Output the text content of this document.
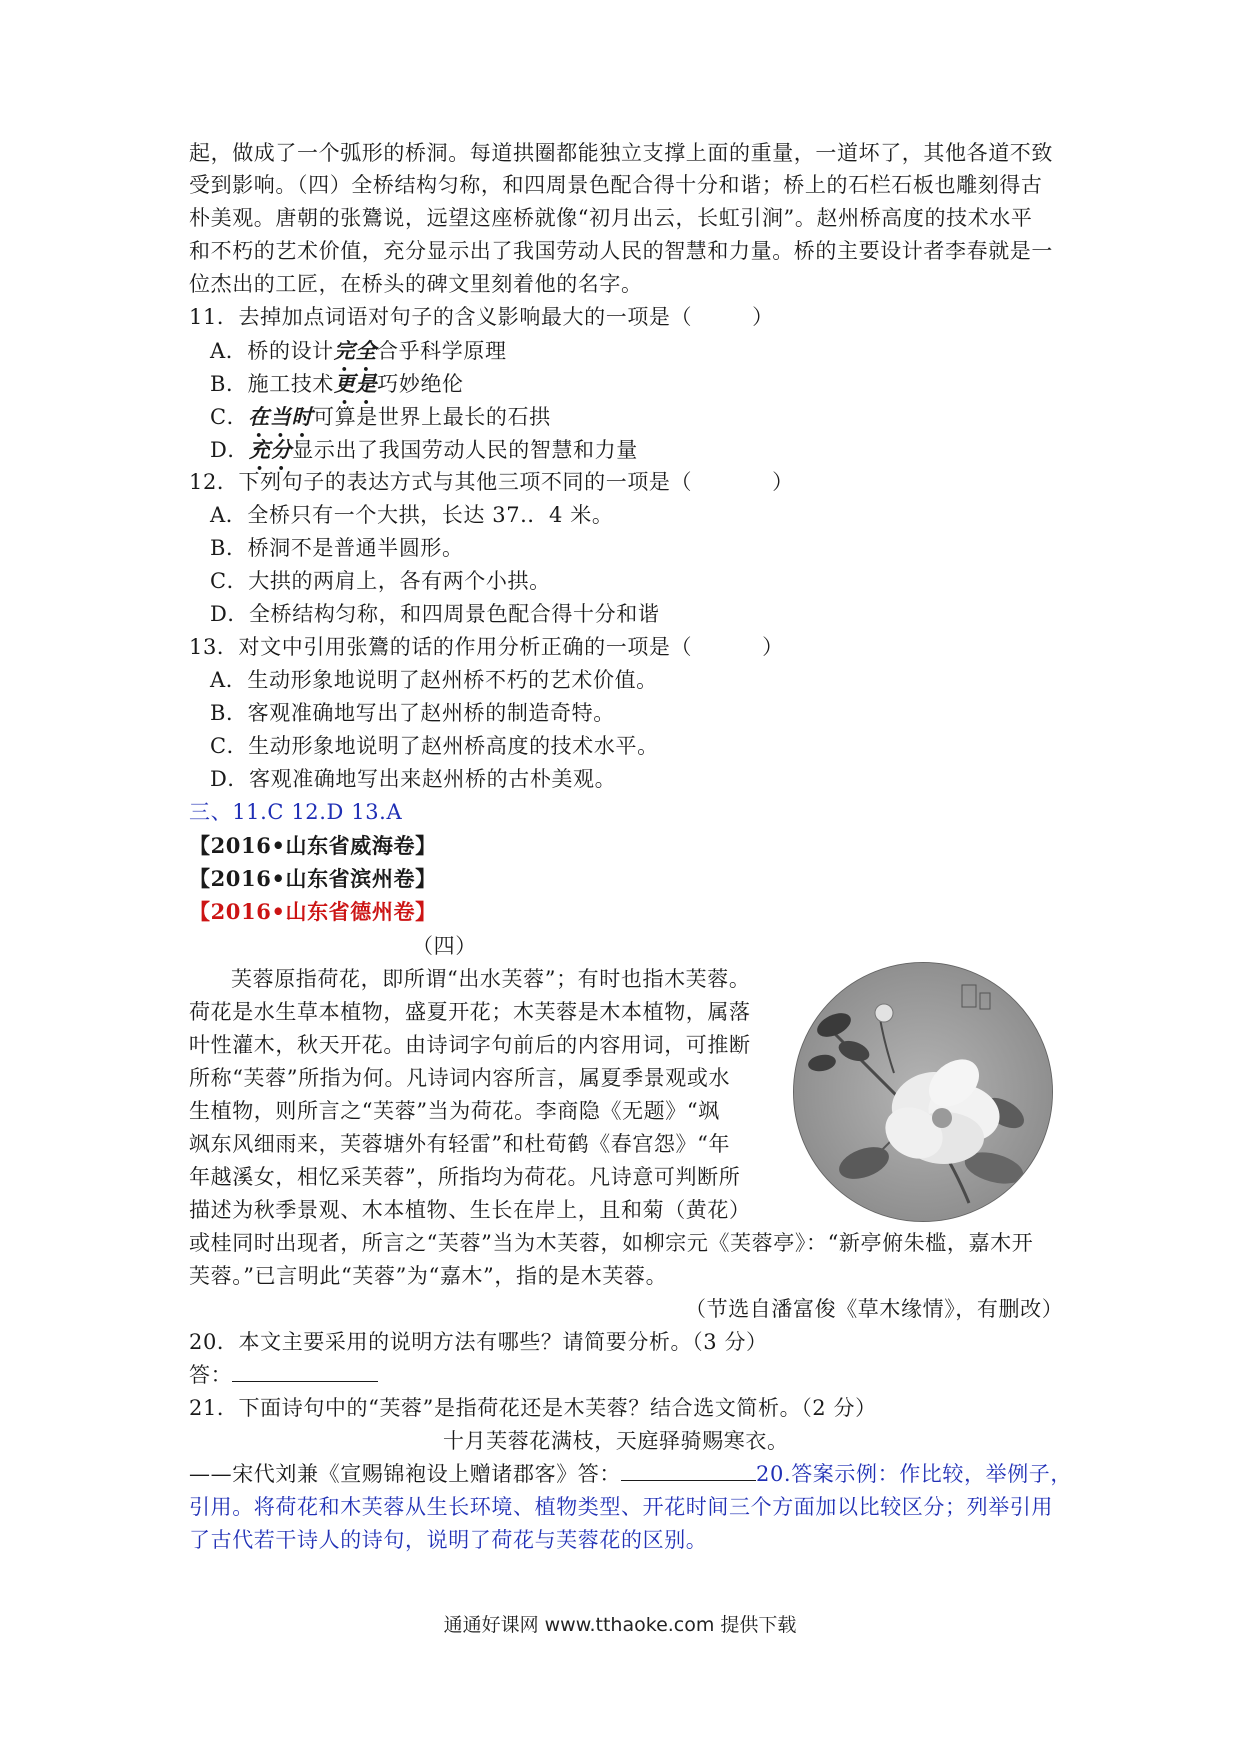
起，做成了一个弧形的桥洞。每道拱圈都能独立支撑上面的重量，一道坏了，其他各道不致
受到影响。（四）全桥结构匀称，和四周景色配合得十分和谐；桥上的石栏石板也雕刻得古
朴美观。唐朝的张鷟说，远望这座桥就像“初月出云，长虹引涧”。赵州桥高度的技术水平
和不朽的艺术价值，充分显示出了我国劳动人民的智慧和力量。桥的主要设计者李春就是一
位杰出的工匠，在桥头的碑文里刻着他的名字。
11．去掉加点词语对句子的含义影响最大的一项是（	）
A．桥的设计完全合乎科学原理
B．施工技术更是巧妙绝伦
C．在当时可算是世界上最长的石拱
D．充分显示出了我国劳动人民的智慧和力量
12．下列句子的表达方式与其他三项不同的一项是（	）
A．全桥只有一个大拱，长达 37.．4 米。
B．桥洞不是普通半圆形。
C．大拱的两肩上，各有两个小拱。
D．全桥结构匀称，和四周景色配合得十分和谐
13．对文中引用张鷟的话的作用分析正确的一项是（	）
A．生动形象地说明了赵州桥不朽的艺术价值。
B．客观准确地写出了赵州桥的制造奇特。
C．生动形象地说明了赵州桥高度的技术水平。
D．客观准确地写出来赵州桥的古朴美观。
三、11.C 12.D 13.A
【2016•山东省威海卷】
【2016•山东省滨州卷】
【2016•山东省德州卷】
（四）
芙蓉原指荷花，即所谓“出水芙蓉”；有时也指木芙蓉。
荷花是水生草本植物，盛夏开花；木芙蓉是木本植物，属落
叶性灌木，秋天开花。由诗词字句前后的内容用词，可推断
所称“芙蓉”所指为何。凡诗词内容所言，属夏季景观或水
生植物，则所言之“芙蓉”当为荷花。李商隐《无题》“飒
飒东风细雨来，芙蓉塘外有轻雷”和杜荀鹤《春宫怨》“年
年越溪女，相忆采芙蓉”，所指均为荷花。凡诗意可判断所
描述为秋季景观、木本植物、生长在岸上，且和菊（黄花）
或桂同时出现者，所言之“芙蓉”当为木芙蓉，如柳宗元《芙蓉亭》：“新亭俯朱槛，嘉木开
芙蓉。”已言明此“芙蓉”为“嘉木”，指的是木芙蓉。
（节选自潘富俊《草木缘情》，有删改）
20．本文主要采用的说明方法有哪些？请简要分析。（3 分）
答：
21．下面诗句中的“芙蓉”是指荷花还是木芙蓉？结合选文简析。（2 分）
十月芙蓉花满枝，天庭驿骑赐寒衣。
——宋代刘兼《宣赐锦袍设上赠诸郡客》答：	20.答案示例：作比较，举例子，
引用。将荷花和木芙蓉从生长环境、植物类型、开花时间三个方面加以比较区分；列举引用
了古代若干诗人的诗句，说明了荷花与芙蓉花的区别。
通通好课网 www.tthaoke.com 提供下载
